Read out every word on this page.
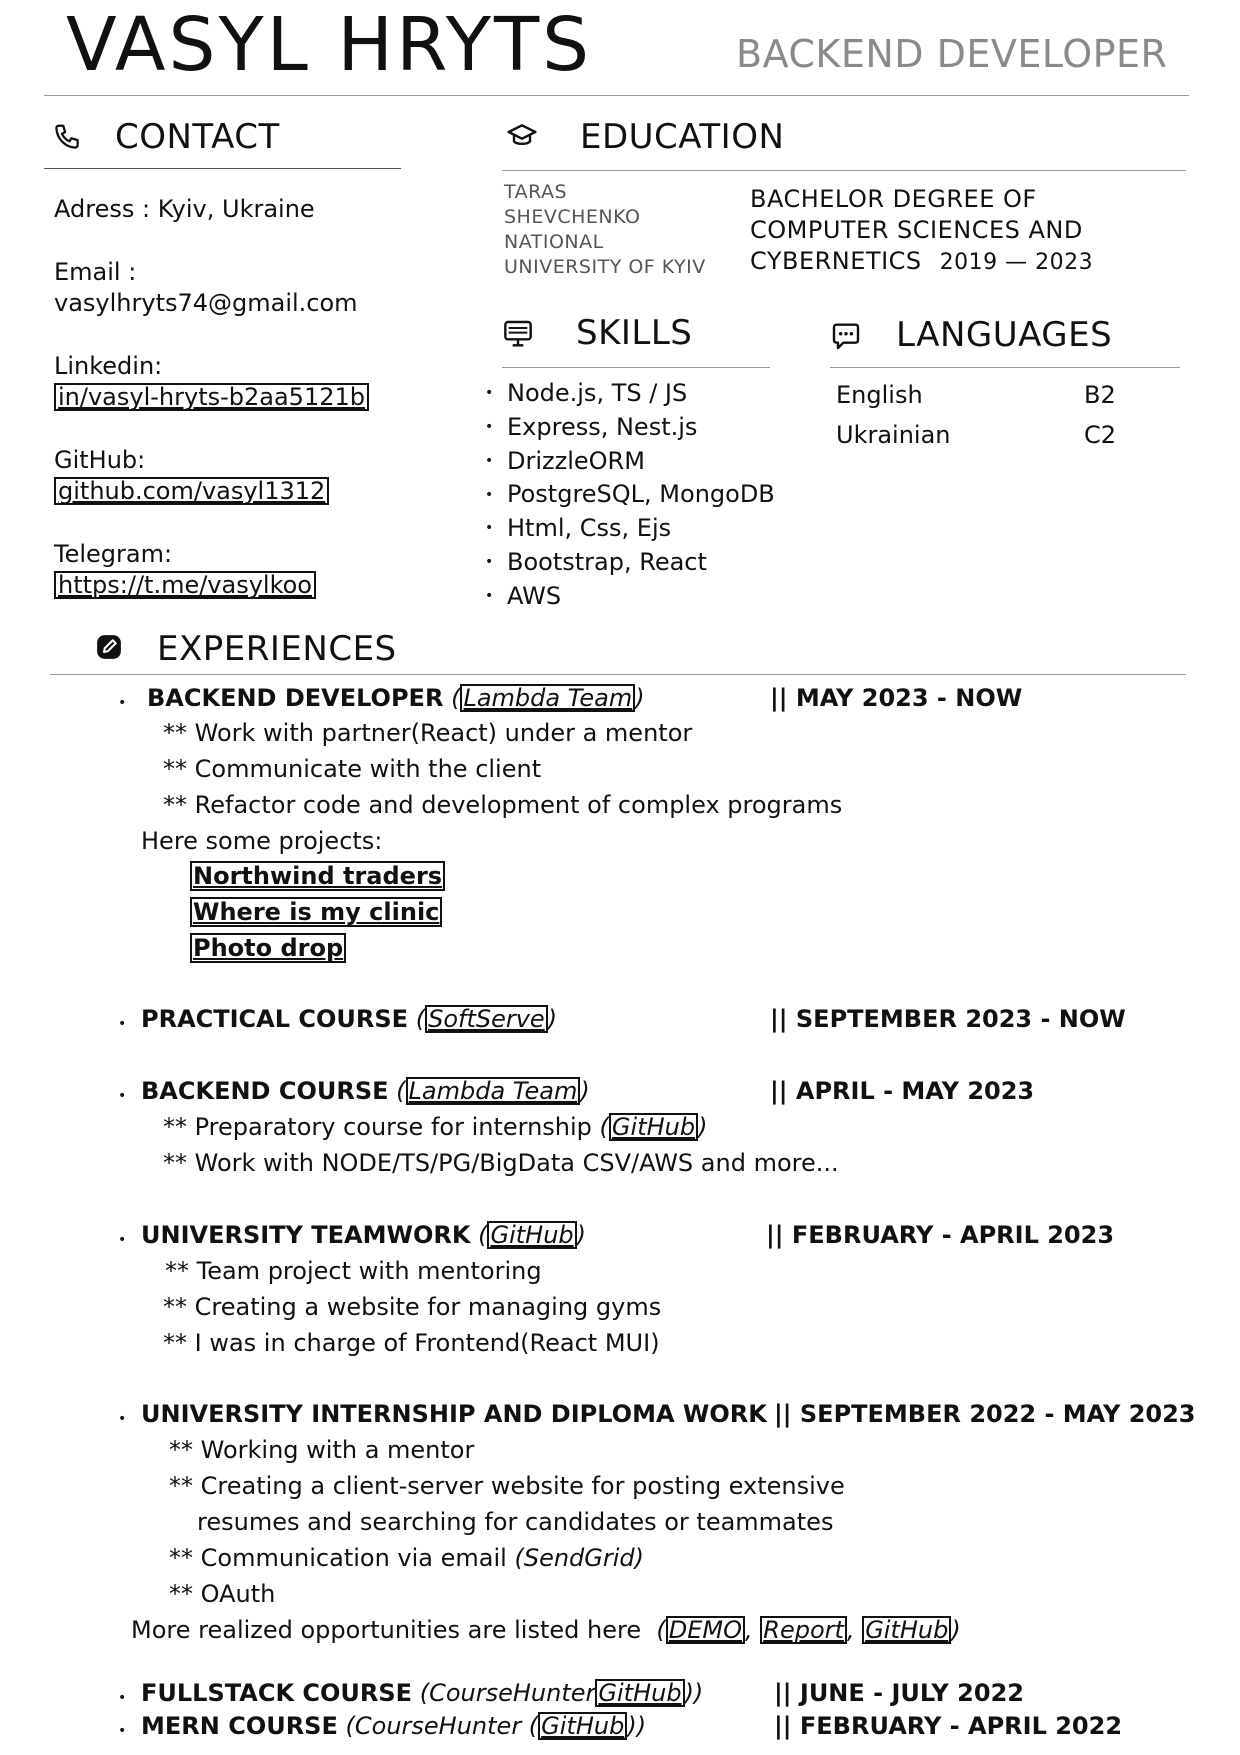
VASYL HRYTS	BACKEND DEVELOPER
CONTACT
Adress : Kyiv, Ukraine
Email :
vasylhryts74@gmail.com
Linkedin:
in/vasyl-hryts-b2aa5121b
GitHub:
github.com/vasyl1312
Telegram:
https://t.me/vasylkoo
EDUCATION
TARAS
SHEVCHENKO
NATIONAL
UNIVERSITY OF KYIV
BACHELOR DEGREE OF
COMPUTER SCIENCES AND
CYBERNETICS 2019 — 2023
SKILLS
• Node.js, TS / JS
• Express, Nest.js
• DrizzleORM
• PostgreSQL, MongoDB
• Html, Css, Ejs
• Bootstrap, React
• AWS
LANGUAGES
English	B2
Ukrainian	C2
EXPERIENCES
• BACKEND DEVELOPER ( Lambda Team )	|| MAY 2023 - NOW
** Work with partner(React) under a mentor
** Communicate with the client
** Refactor code and development of complex programs
Here some projects:
Northwind traders
Where is my clinic
Photo drop
• PRACTICAL COURSE ( SoftServe )	|| SEPTEMBER 2023 - NOW
• BACKEND COURSE ( Lambda Team )	|| APRIL - MAY 2023
** Preparatory course for internship ( GitHub )
** Work with NODE/TS/PG/BigData CSV/AWS and more...
• UNIVERSITY TEAMWORK ( GitHub )	|| FEBRUARY - APRIL 2023
** Team project with mentoring
** Creating a website for managing gyms
** I was in charge of Frontend(React MUI)
• UNIVERSITY INTERNSHIP AND DIPLOMA WORK || SEPTEMBER 2022 - MAY 2023
** Working with a mentor
** Creating a client-server website for posting extensive
resumes and searching for candidates or teammates
** Communication via email (SendGrid)
** OAuth
More realized opportunities are listed here ( DEMO , Report , GitHub )
• FULLSTACK COURSE (CourseHunter GitHub ))	|| JUNE - JULY 2022
• MERN COURSE (CourseHunter ( GitHub ))	|| FEBRUARY - APRIL 2022
